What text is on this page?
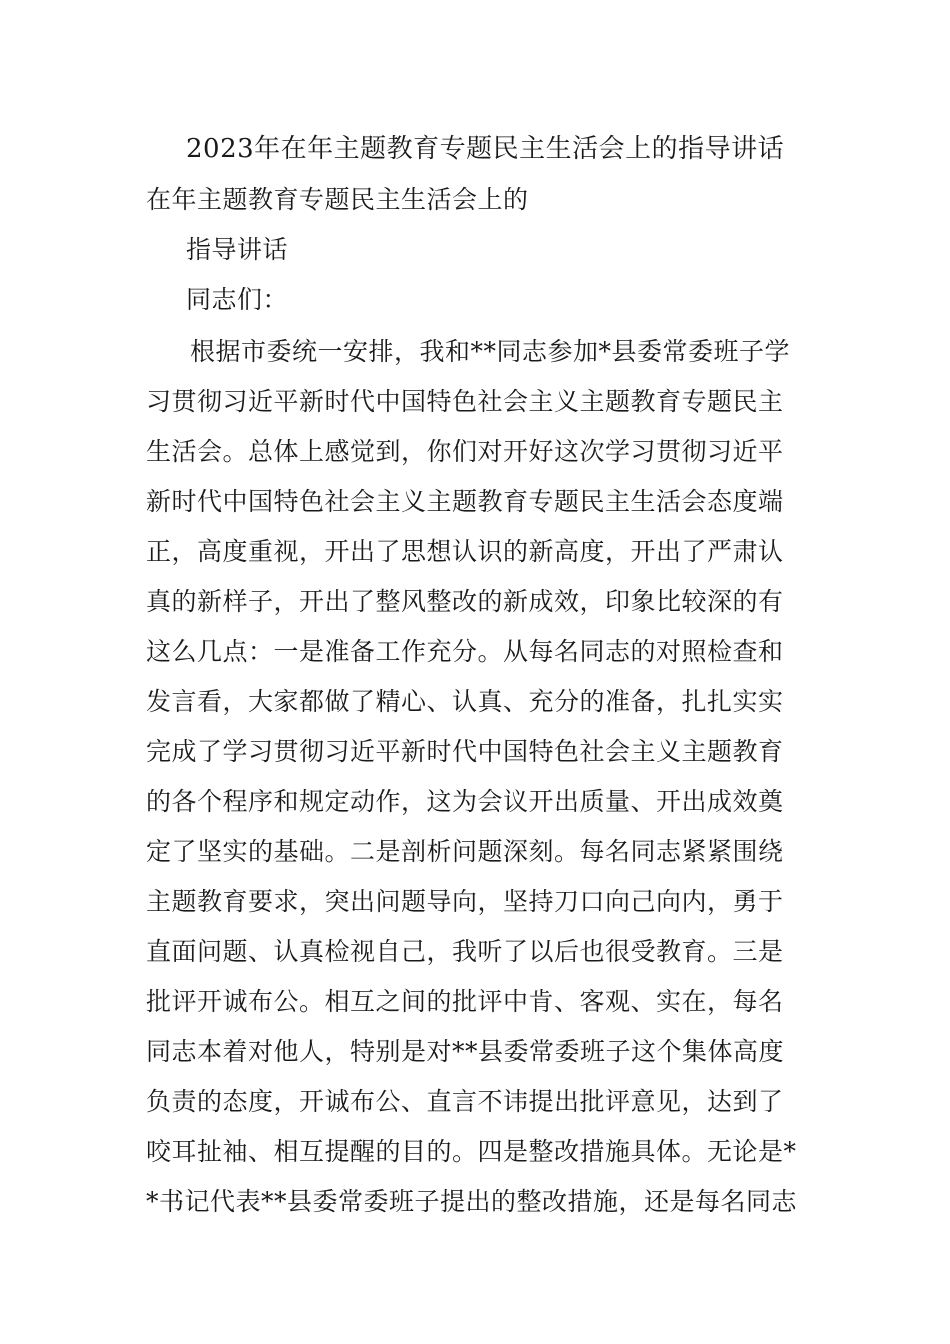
2023年在年主题教育专题民主生活会上的指导讲话
在年主题教育专题民主生活会上的
指导讲话
同志们：
根据市委统一安排，我和**同志参加*县委常委班子学
习贯彻习近平新时代中国特色社会主义主题教育专题民主
生活会。总体上感觉到，你们对开好这次学习贯彻习近平
新时代中国特色社会主义主题教育专题民主生活会态度端
正，高度重视，开出了思想认识的新高度，开出了严肃认
真的新样子，开出了整风整改的新成效，印象比较深的有
这么几点：一是准备工作充分。从每名同志的对照检查和
发言看，大家都做了精心、认真、充分的准备，扎扎实实
完成了学习贯彻习近平新时代中国特色社会主义主题教育
的各个程序和规定动作，这为会议开出质量、开出成效奠
定了坚实的基础。二是剖析问题深刻。每名同志紧紧围绕
主题教育要求，突出问题导向，坚持刀口向己向内，勇于
直面问题、认真检视自己，我听了以后也很受教育。三是
批评开诚布公。相互之间的批评中肯、客观、实在，每名
同志本着对他人，特别是对**县委常委班子这个集体高度
负责的态度，开诚布公、直言不讳提出批评意见，达到了
咬耳扯袖、相互提醒的目的。四是整改措施具体。无论是*
*书记代表**县委常委班子提出的整改措施，还是每名同志
